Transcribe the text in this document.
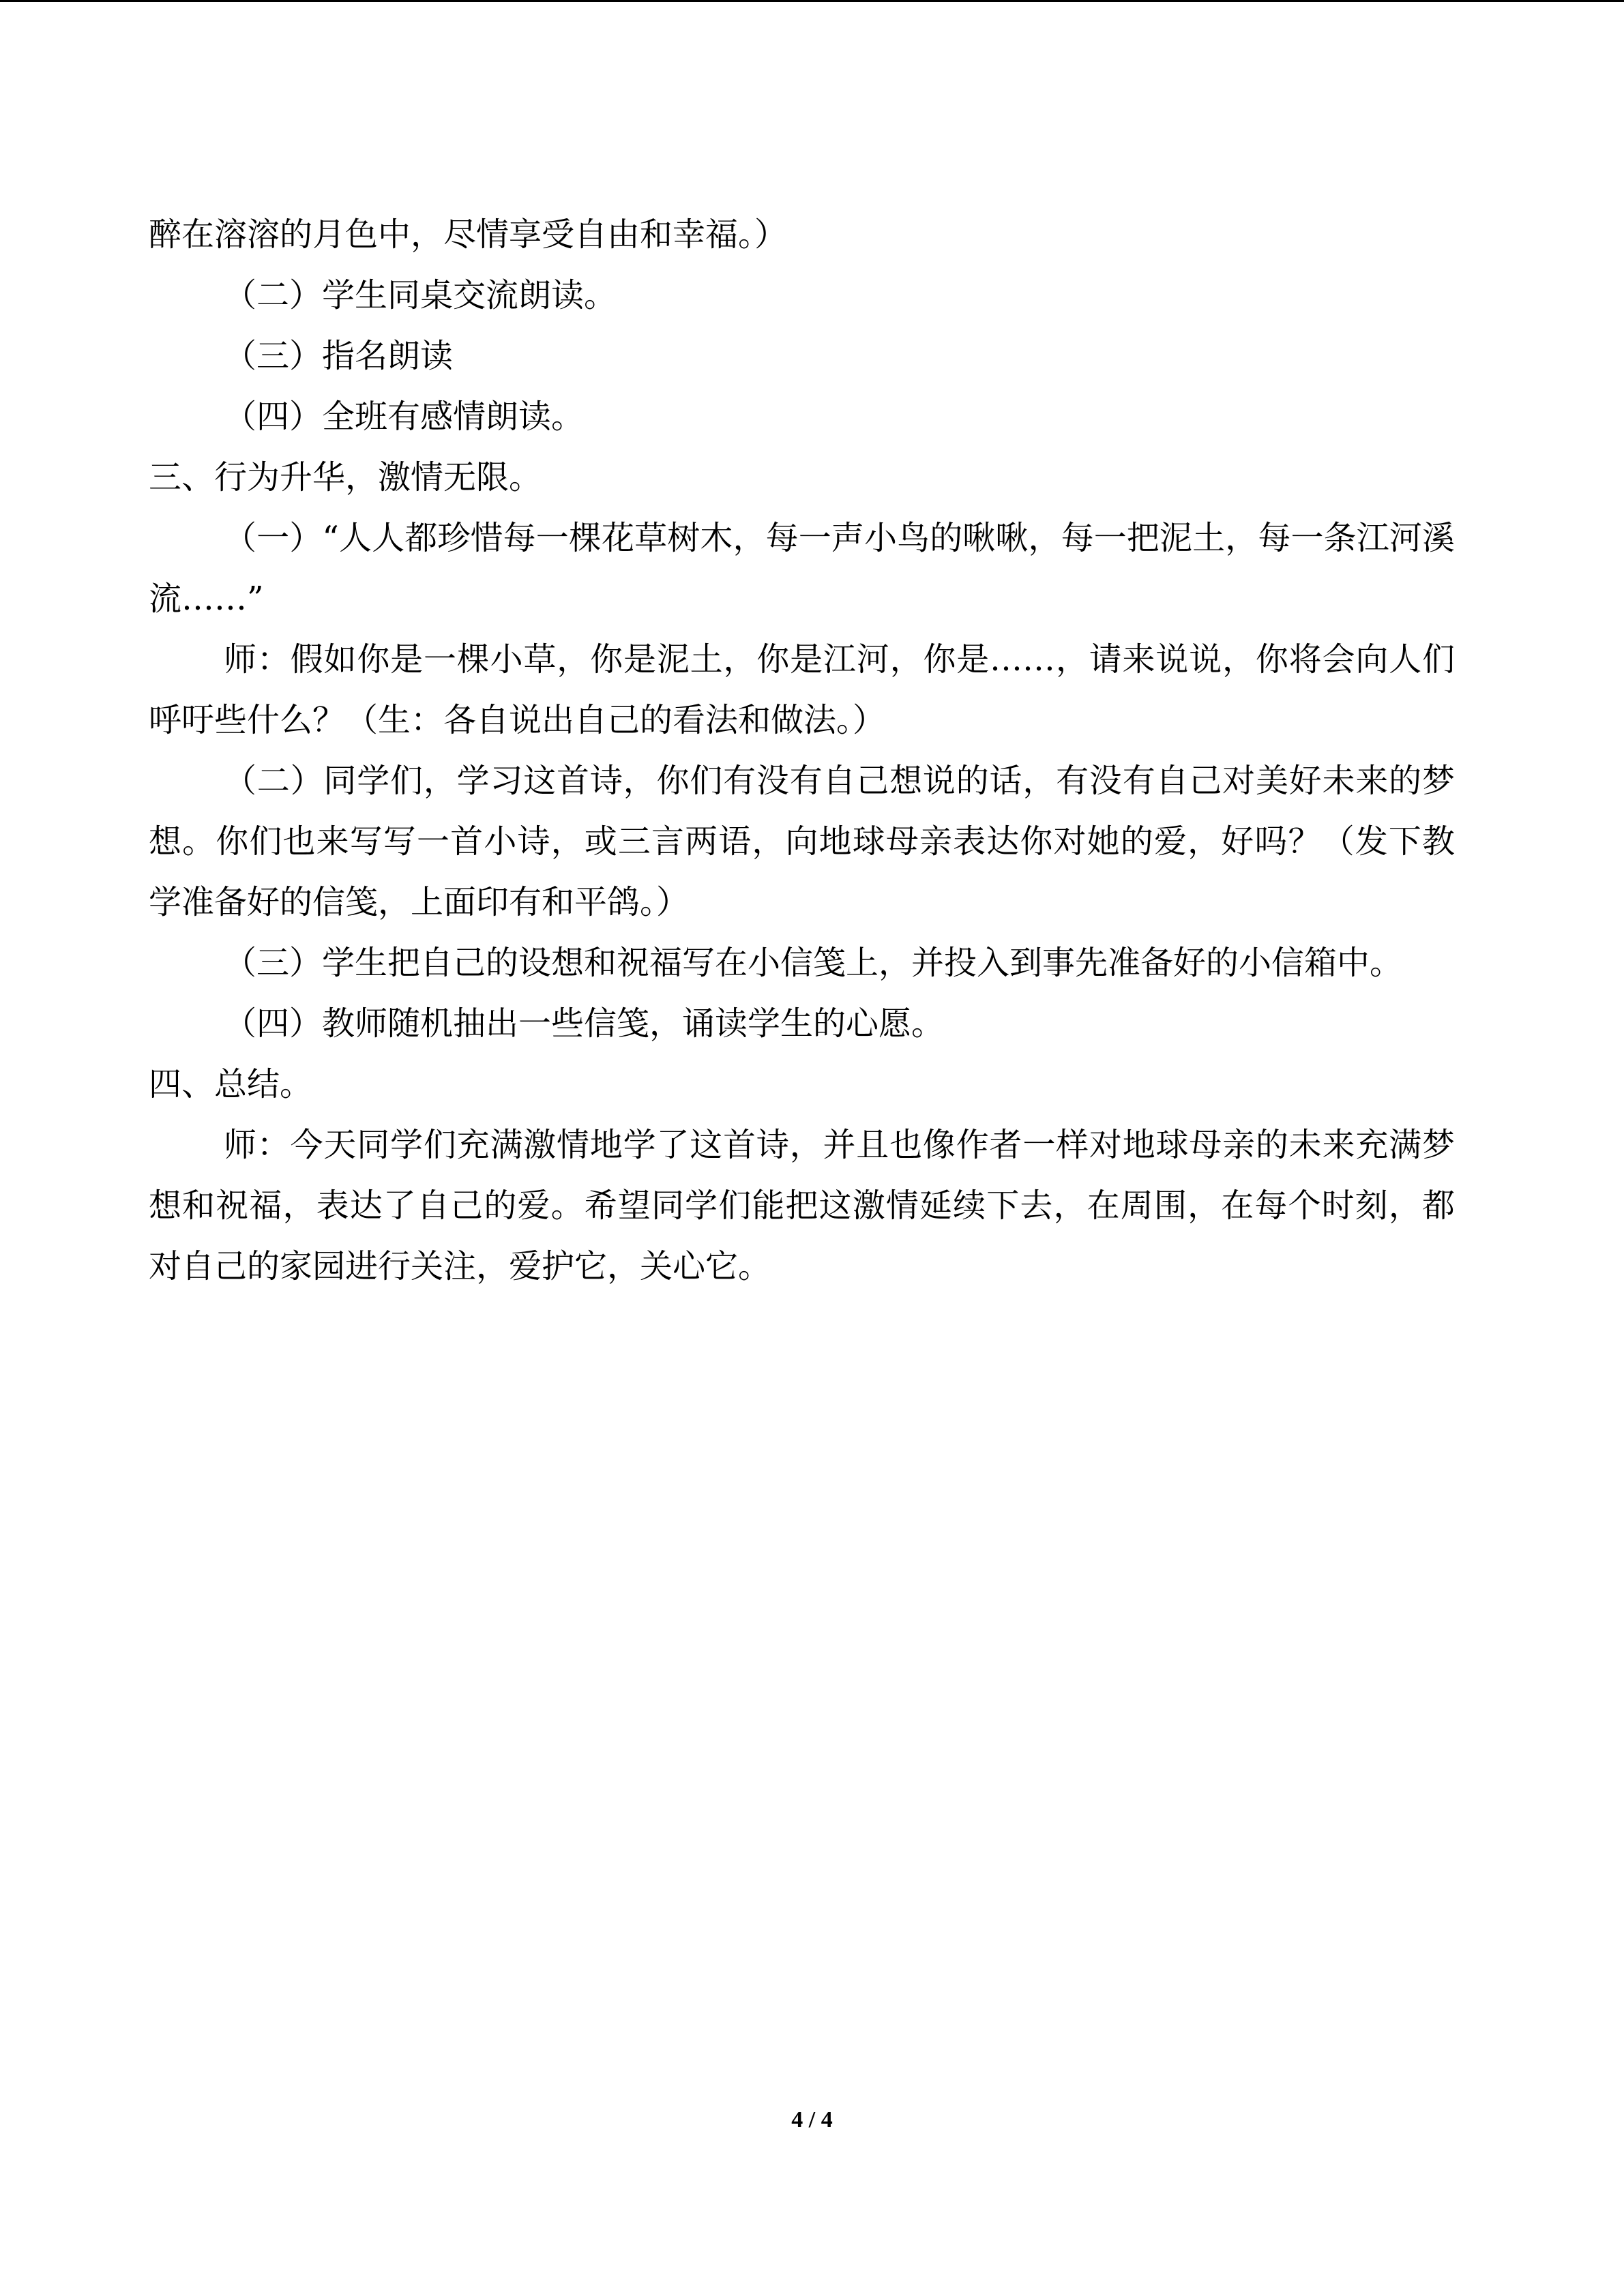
醉在溶溶的月色中，尽情享受自由和幸福。）

（二）学生同桌交流朗读。

（三）指名朗读

（四）全班有感情朗读。

三、行为升华，激情无限。

（一）“人人都珍惜每一棵花草树木，每一声小鸟的啾啾，每一把泥土，每一条江河溪流……”

师：假如你是一棵小草，你是泥土，你是江河，你是……，请来说说，你将会向人们呼吁些什么？（生：各自说出自己的看法和做法。）

（二）同学们，学习这首诗，你们有没有自己想说的话，有没有自己对美好未来的梦想。你们也来写写一首小诗，或三言两语，向地球母亲表达你对她的爱，好吗？（发下教学准备好的信笺，上面印有和平鸽。）

（三）学生把自己的设想和祝福写在小信笺上，并投入到事先准备好的小信箱中。

（四）教师随机抽出一些信笺，诵读学生的心愿。

四、总结。

师：今天同学们充满激情地学了这首诗，并且也像作者一样对地球母亲的未来充满梦想和祝福，表达了自己的爱。希望同学们能把这激情延续下去，在周围，在每个时刻，都对自己的家园进行关注，爱护它，关心它。

4 / 4
